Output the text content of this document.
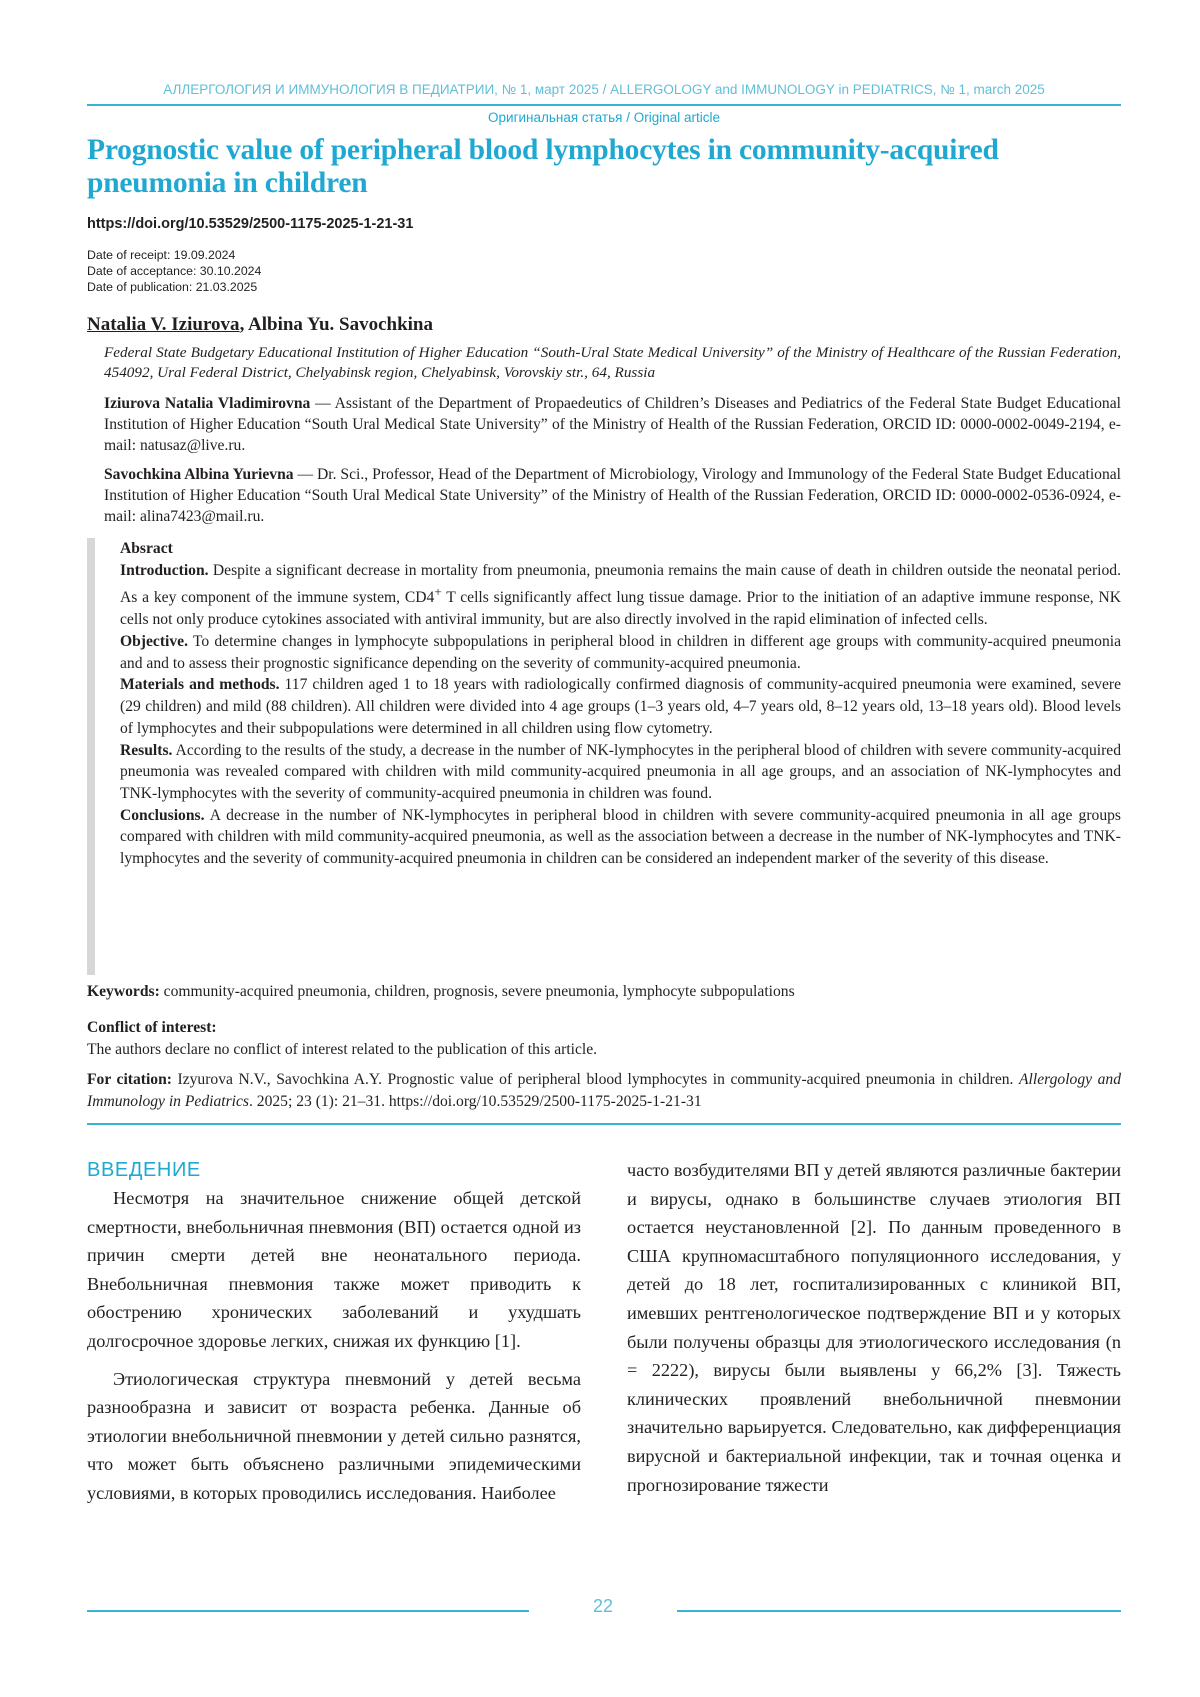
АЛЛЕРГОЛОГИЯ И ИММУНОЛОГИЯ В ПЕДИАТРИИ, № 1, март 2025 / ALLERGOLOGY and IMMUNOLOGY in PEDIATRICS, № 1, march 2025
Оригинальная статья / Original article
Prognostic value of peripheral blood lymphocytes in community-acquired pneumonia in children
https://doi.org/10.53529/2500-1175-2025-1-21-31
Date of receipt: 19.09.2024
Date of acceptance: 30.10.2024
Date of publication: 21.03.2025
Natalia V. Iziurova, Albina Yu. Savochkina
Federal State Budgetary Educational Institution of Higher Education “South-Ural State Medical University” of the Ministry of Healthcare of the Russian Federation, 454092, Ural Federal District, Chelyabinsk region, Chelyabinsk, Vorovskiy str., 64, Russia
Iziurova Natalia Vladimirovna — Assistant of the Department of Propaedeutics of Children’s Diseases and Pediatrics of the Federal State Budget Educational Institution of Higher Education “South Ural Medical State University” of the Ministry of Health of the Russian Federation, ORCID ID: 0000-0002-0049-2194, e-mail: natusaz@live.ru.
Savochkina Albina Yurievna — Dr. Sci., Professor, Head of the Department of Microbiology, Virology and Immunology of the Federal State Budget Educational Institution of Higher Education “South Ural Medical State University” of the Ministry of Health of the Russian Federation, ORCID ID: 0000-0002-0536-0924, e-mail: alina7423@mail.ru.

Absract

Introduction. Despite a significant decrease in mortality from pneumonia, pneumonia remains the main cause of death in children outside the neonatal period. As a key component of the immune system, CD4+ T cells significantly affect lung tissue damage. Prior to the initiation of an adaptive immune response, NK cells not only produce cytokines associated with antiviral immunity, but are also directly involved in the rapid elimination of infected cells.

Objective. To determine changes in lymphocyte subpopulations in peripheral blood in children in different age groups with community-acquired pneumonia and and to assess their prognostic significance depending on the severity of community-acquired pneumonia.

Materials and methods. 117 children aged 1 to 18 years with radiologically confirmed diagnosis of community-acquired pneumonia were examined, severe (29 children) and mild (88 children). All children were divided into 4 age groups (1–3 years old, 4–7 years old, 8–12 years old, 13–18 years old). Blood levels of lymphocytes and their subpopulations were determined in all children using flow cytometry.

Results. According to the results of the study, a decrease in the number of NK-lymphocytes in the peripheral blood of children with severe community-acquired pneumonia was revealed compared with children with mild community-acquired pneumonia in all age groups, and an association of NK-lymphocytes and TNK-lymphocytes with the severity of community-acquired pneumonia in children was found.

Conclusions. A decrease in the number of NK-lymphocytes in peripheral blood in children with severe community-acquired pneumonia in all age groups compared with children with mild community-acquired pneumonia, as well as the association between a decrease in the number of NK-lymphocytes and TNK-lymphocytes and the severity of community-acquired pneumonia in children can be considered an independent marker of the severity of this disease.

Keywords: community-acquired pneumonia, children, prognosis, severe pneumonia, lymphocyte subpopulations
Conflict of interest:
The authors declare no conflict of interest related to the publication of this article.
For citation: Izyurova N.V., Savochkina A.Y. Prognostic value of peripheral blood lymphocytes in community-acquired pneumonia in children. Allergology and Immunology in Pediatrics. 2025; 23 (1): 21–31. https://doi.org/10.53529/2500-1175-2025-1-21-31
ВВЕДЕНИЕ

Несмотря на значительное снижение общей детской смертности, внебольничная пневмония (ВП) остается одной из причин смерти детей вне неонатального периода. Внебольничная пневмония также может приводить к обострению хронических заболеваний и ухудшать долгосрочное здоровье легких, снижая их функцию [1].

Этиологическая структура пневмоний у детей весьма разнообразна и зависит от возраста ребенка. Данные об этиологии внебольничной пневмонии у детей сильно разнятся, что может быть объяснено различными эпидемическими условиями, в которых проводились исследования. Наиболее

часто возбудителями ВП у детей являются различные бактерии и вирусы, однако в большинстве случаев этиология ВП остается неустановленной [2]. По данным проведенного в США крупномасштабного популяционного исследования, у детей до 18 лет, госпитализированных с клиникой ВП, имевших рентгенологическое подтверждение ВП и у которых были получены образцы для этиологического исследования (n = 2222), вирусы были выявлены у 66,2% [3]. Тяжесть клинических проявлений внебольничной пневмонии значительно варьируется. Следовательно, как дифференциация вирусной и бактериальной инфекции, так и точная оценка и прогнозирование тяжести

22
